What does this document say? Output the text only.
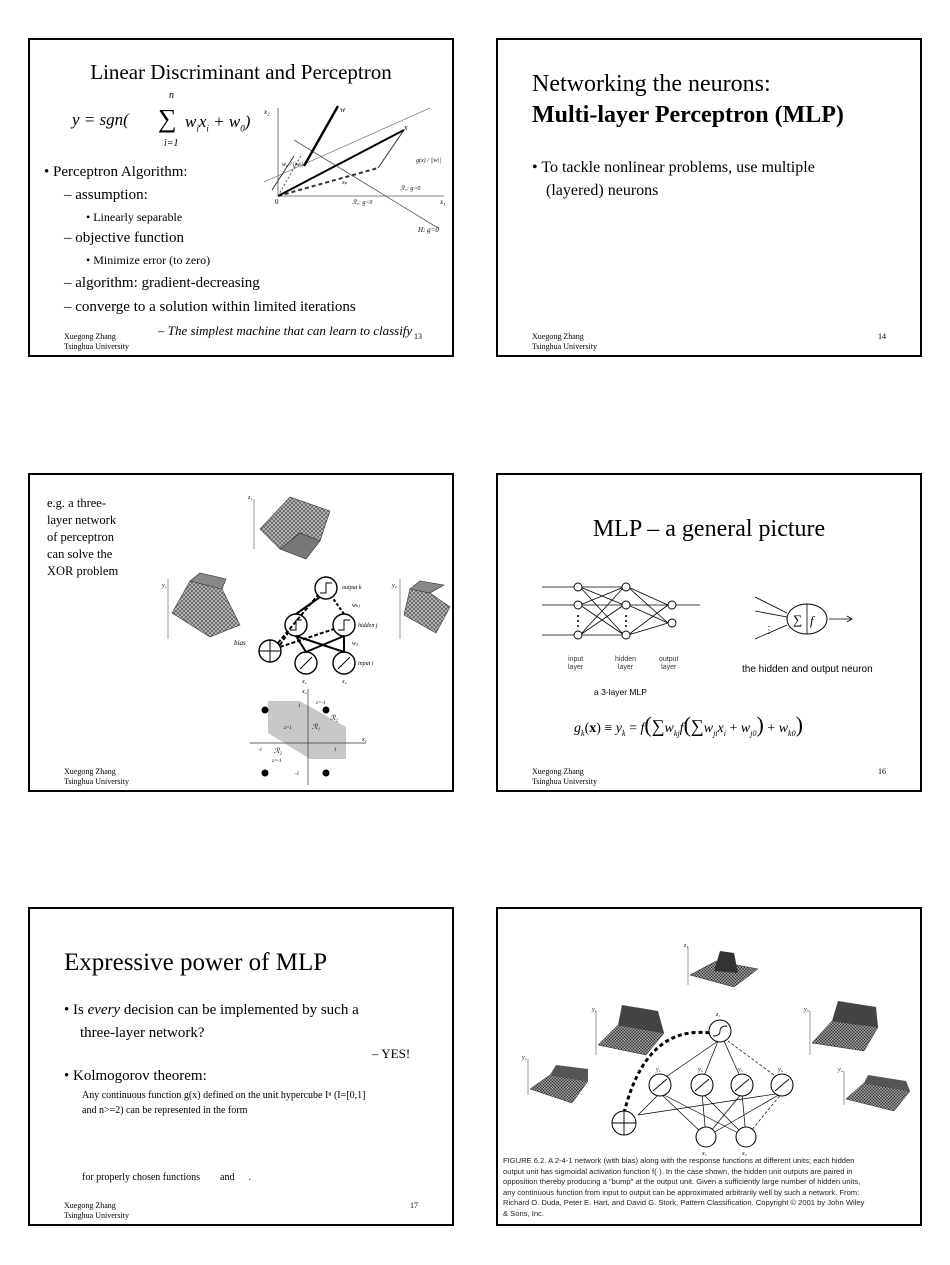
Linear Discriminant and Perceptron
y = sgn( ∑
n
i=1
$w_ix_i + w_0$)
• Perceptron Algorithm:
– assumption:
• Linearly separable
– objective function
• Minimize error (to zero)
– algorithm: gradient-decreasing
– converge to a solution within limited iterations
– The simplest machine that can learn to classify
x₂
x₁
w
x
0
H: g=0
ℛ₁: g>0
ℛ₂: g<0
w₀ / ||w||
g(x) / ||w||
xₚ
Xuegong Zhang
Tsinghua University
13
Networking the neurons:
Multi-layer Perceptron (MLP)
• To tackle nonlinear problems, use multiple
(layered) neurons
Xuegong Zhang
Tsinghua University
14
e.g. a three-
layer network
of perceptron
can solve the
XOR problem
z₁
y₁	y₂
output k
hidden j
input i
bias
wₖⱼ
wⱼᵢ
x₁	x₂
x₂
x₁
ℛ₂
ℛ₁
ℛ₂
z=-1
z=1
z=-1
1
-1
1
-1
Xuegong Zhang
Tsinghua University
MLP – a general picture
input
layer
hidden
layer
output
layer
a 3-layer MLP
∑ f
⋮
the hidden and output neuron
$g_k(x) \equiv y_k = f(\sum w_{kj}f(\sum w_{ji}x_i + w_{j0}) + w_{k0})$
Xuegong Zhang
Tsinghua University
16
Expressive power of MLP
• Is every decision can be implemented by such a
three-layer network?
– YES!
• Kolmogorov theorem:
Any continuous function g(x) defined on the unit hypercube Iⁿ (I=[0,1]
and n>=2) can be represented in the form
for properly chosen functions and .
Xuegong Zhang
Tsinghua University
17
z₁
y₁
y₂
y₃
y₄
z₁
y₁	y₂	y₃	y₄
x₁	x₂
FIGURE 6.2. A 2-4-1 network (with bias) along with the response functions at different units; each hidden
output unit has sigmoidal activation function f(·). In the case shown, the hidden unit outputs are paired in
opposition thereby producing a "bump" at the output unit. Given a sufficiently large number of hidden units,
any continuous function from input to output can be approximated arbitrarily well by such a network. From:
Richard O. Duda, Peter E. Hart, and David G. Stork, Pattern Classification. Copyright © 2001 by John Wiley
& Sons, Inc.
